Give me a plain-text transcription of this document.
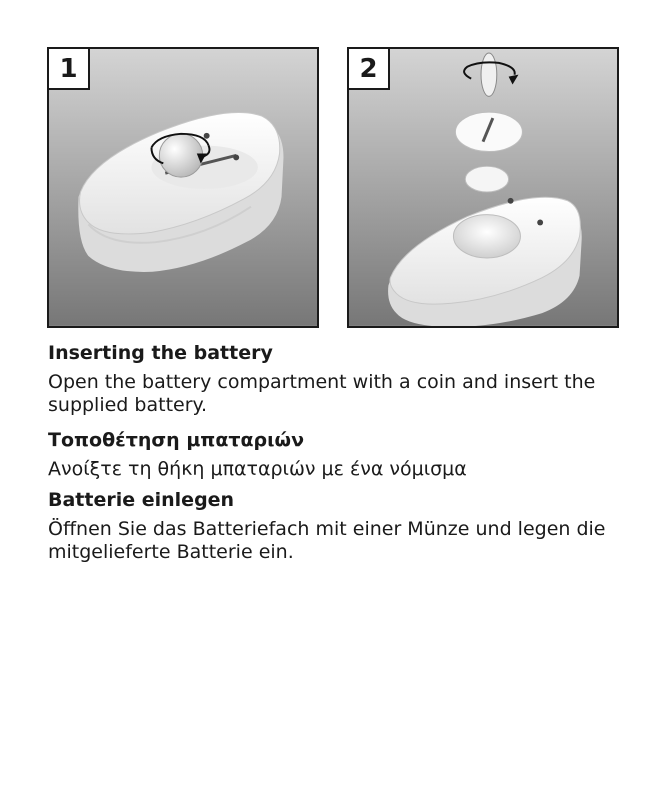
1	2

Inserting the battery

Open the battery compartment with a coin and insert the supplied battery.

Τοποθέτηση μπαταριών

Ανοίξτε τη θήκη μπαταριών με ένα νόμισμα

Batterie einlegen

Öffnen Sie das Batteriefach mit einer Münze und legen die mitgelieferte Batterie ein.
